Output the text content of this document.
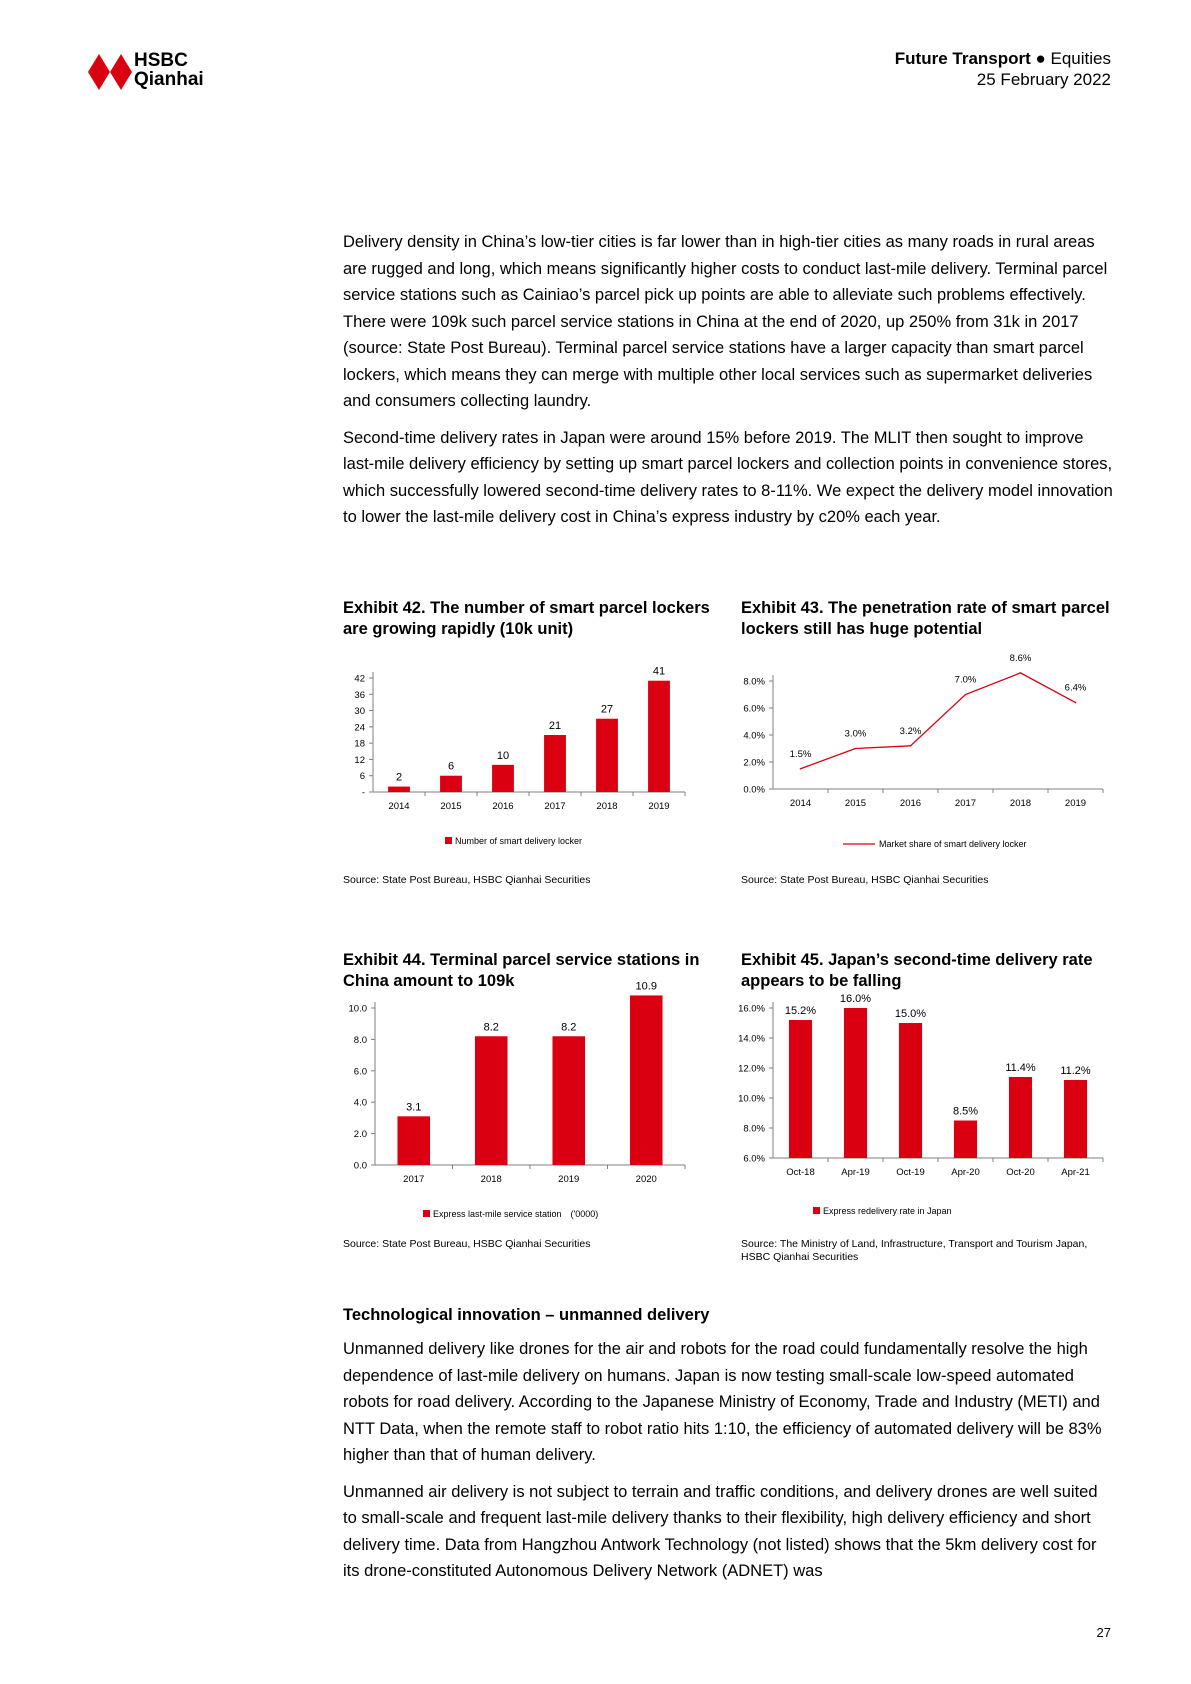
HSBC
Qianhai
Future Transport ● Equities
25 February 2022

Delivery density in China’s low-tier cities is far lower than in high-tier cities as many roads in rural areas are rugged and long, which means significantly higher costs to conduct last-mile delivery. Terminal parcel service stations such as Cainiao’s parcel pick up points are able to alleviate such problems effectively. There were 109k such parcel service stations in China at the end of 2020, up 250% from 31k in 2017 (source: State Post Bureau). Terminal parcel service stations have a larger capacity than smart parcel lockers, which means they can merge with multiple other local services such as supermarket deliveries and consumers collecting laundry.

Second-time delivery rates in Japan were around 15% before 2019. The MLIT then sought to improve last-mile delivery efficiency by setting up smart parcel lockers and collection points in convenience stores, which successfully lowered second-time delivery rates to 8-11%. We expect the delivery model innovation to lower the last-mile delivery cost in China’s express industry by c20% each year.

Exhibit 42. The number of smart parcel lockers are growing rapidly (10k unit)
-
6
12
18
24
30
36
42
2014	2015	2016	2017	2018	2019
2
6
10
21
27
41
Number of smart delivery locker
Source: State Post Bureau, HSBC Qianhai Securities
Exhibit 43. The penetration rate of smart parcel lockers still has huge potential
0.0%
2.0%
4.0%
6.0%
8.0%
2014	2015	2016	2017	2018	2019
1.5%
3.0%	3.2%
7.0%
8.6%
6.4%
Market share of smart delivery locker
Source: State Post Bureau, HSBC Qianhai Securities
Exhibit 44. Terminal parcel service stations in China amount to 109k
0.0
2.0
4.0
6.0
8.0
10.0
2017	2018	2019	2020
3.1
8.2	8.2
10.9
Express last-mile service station　('0000)
Source: State Post Bureau, HSBC Qianhai Securities
Exhibit 45. Japan’s second-time delivery rate appears to be falling
6.0%
8.0%
10.0%
12.0%
14.0%
16.0%
Oct-18	Apr-19	Oct-19	Apr-20	Oct-20	Apr-21
15.2%
16.0%
15.0%
8.5%
11.4% 11.2%
Express redelivery rate in Japan
Source: The Ministry of Land, Infrastructure, Transport and Tourism Japan, HSBC Qianhai Securities

Technological innovation – unmanned delivery

Unmanned delivery like drones for the air and robots for the road could fundamentally resolve the high dependence of last-mile delivery on humans. Japan is now testing small-scale low-speed automated robots for road delivery. According to the Japanese Ministry of Economy, Trade and Industry (METI) and NTT Data, when the remote staff to robot ratio hits 1:10, the efficiency of automated delivery will be 83% higher than that of human delivery.

Unmanned air delivery is not subject to terrain and traffic conditions, and delivery drones are well suited to small-scale and frequent last-mile delivery thanks to their flexibility, high delivery efficiency and short delivery time. Data from Hangzhou Antwork Technology (not listed) shows that the 5km delivery cost for its drone-constituted Autonomous Delivery Network (ADNET) was

27
